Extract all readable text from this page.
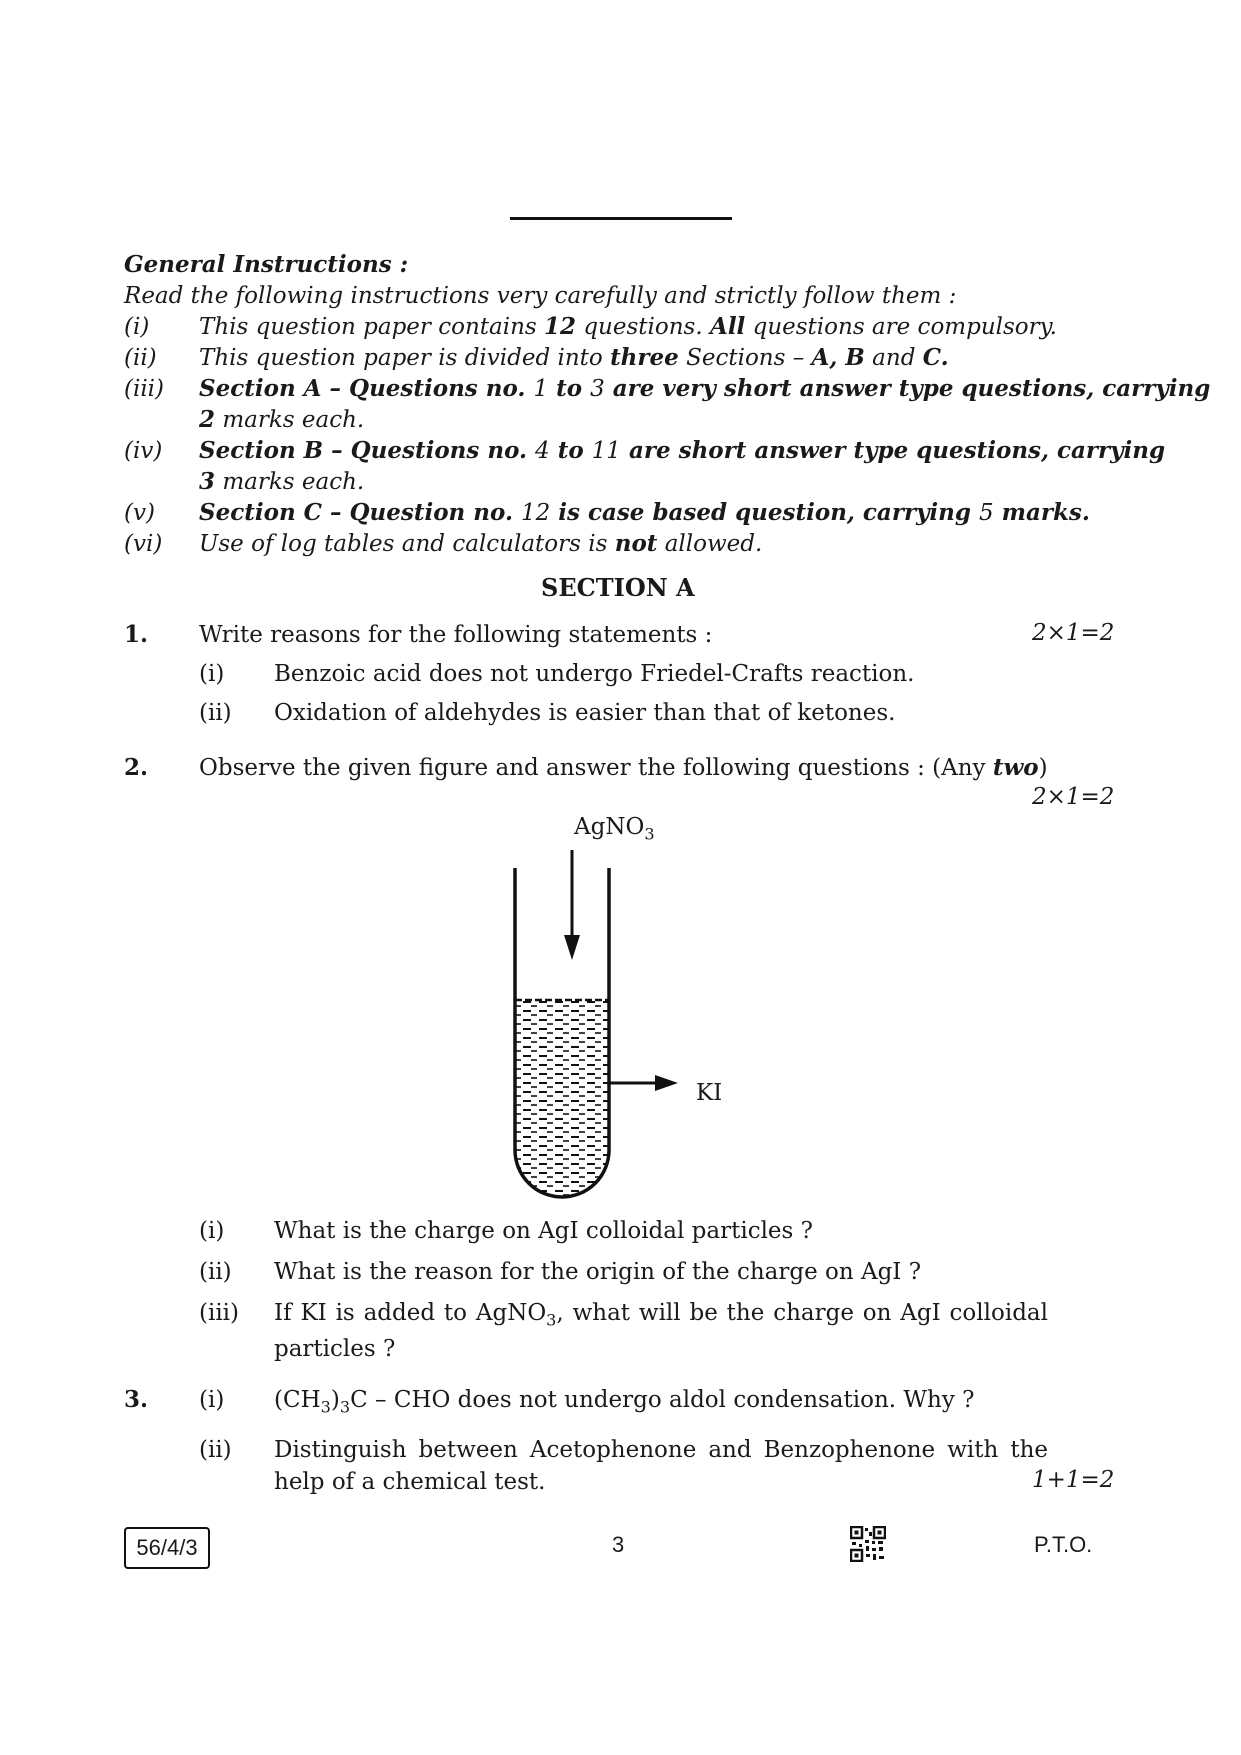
General Instructions :
Read the following instructions very carefully and strictly follow them :
(i) This question paper contains 12 questions. All questions are compulsory.
(ii) This question paper is divided into three Sections – A, B and C.
(iii) Section A – Questions no. 1 to 3 are very short answer type questions, carrying
2 marks each.
(iv) Section B – Questions no. 4 to 11 are short answer type questions, carrying
3 marks each.
(v) Section C – Question no. 12 is case based question, carrying 5 marks.
(vi) Use of log tables and calculators is not allowed.
SECTION A
1. Write reasons for the following statements :	2×1=2
(i) Benzoic acid does not undergo Friedel-Crafts reaction.
(ii) Oxidation of aldehydes is easier than that of ketones.
2. Observe the given figure and answer the following questions : (Any two)
2×1=2
AgNO$_3$
KI
(i) What is the charge on AgI colloidal particles ?
(ii) What is the reason for the origin of the charge on AgI ?
(iii) If KI is added to AgNO$_3$, what will be the charge on AgI colloidal
particles ?
3. (i) $(CH_3)_3C$ – CHO does not undergo aldol condensation. Why ?
(ii) Distinguish between Acetophenone and Benzophenone with the
help of a chemical test.	1+1=2
56/4/3	3	P.T.O.
